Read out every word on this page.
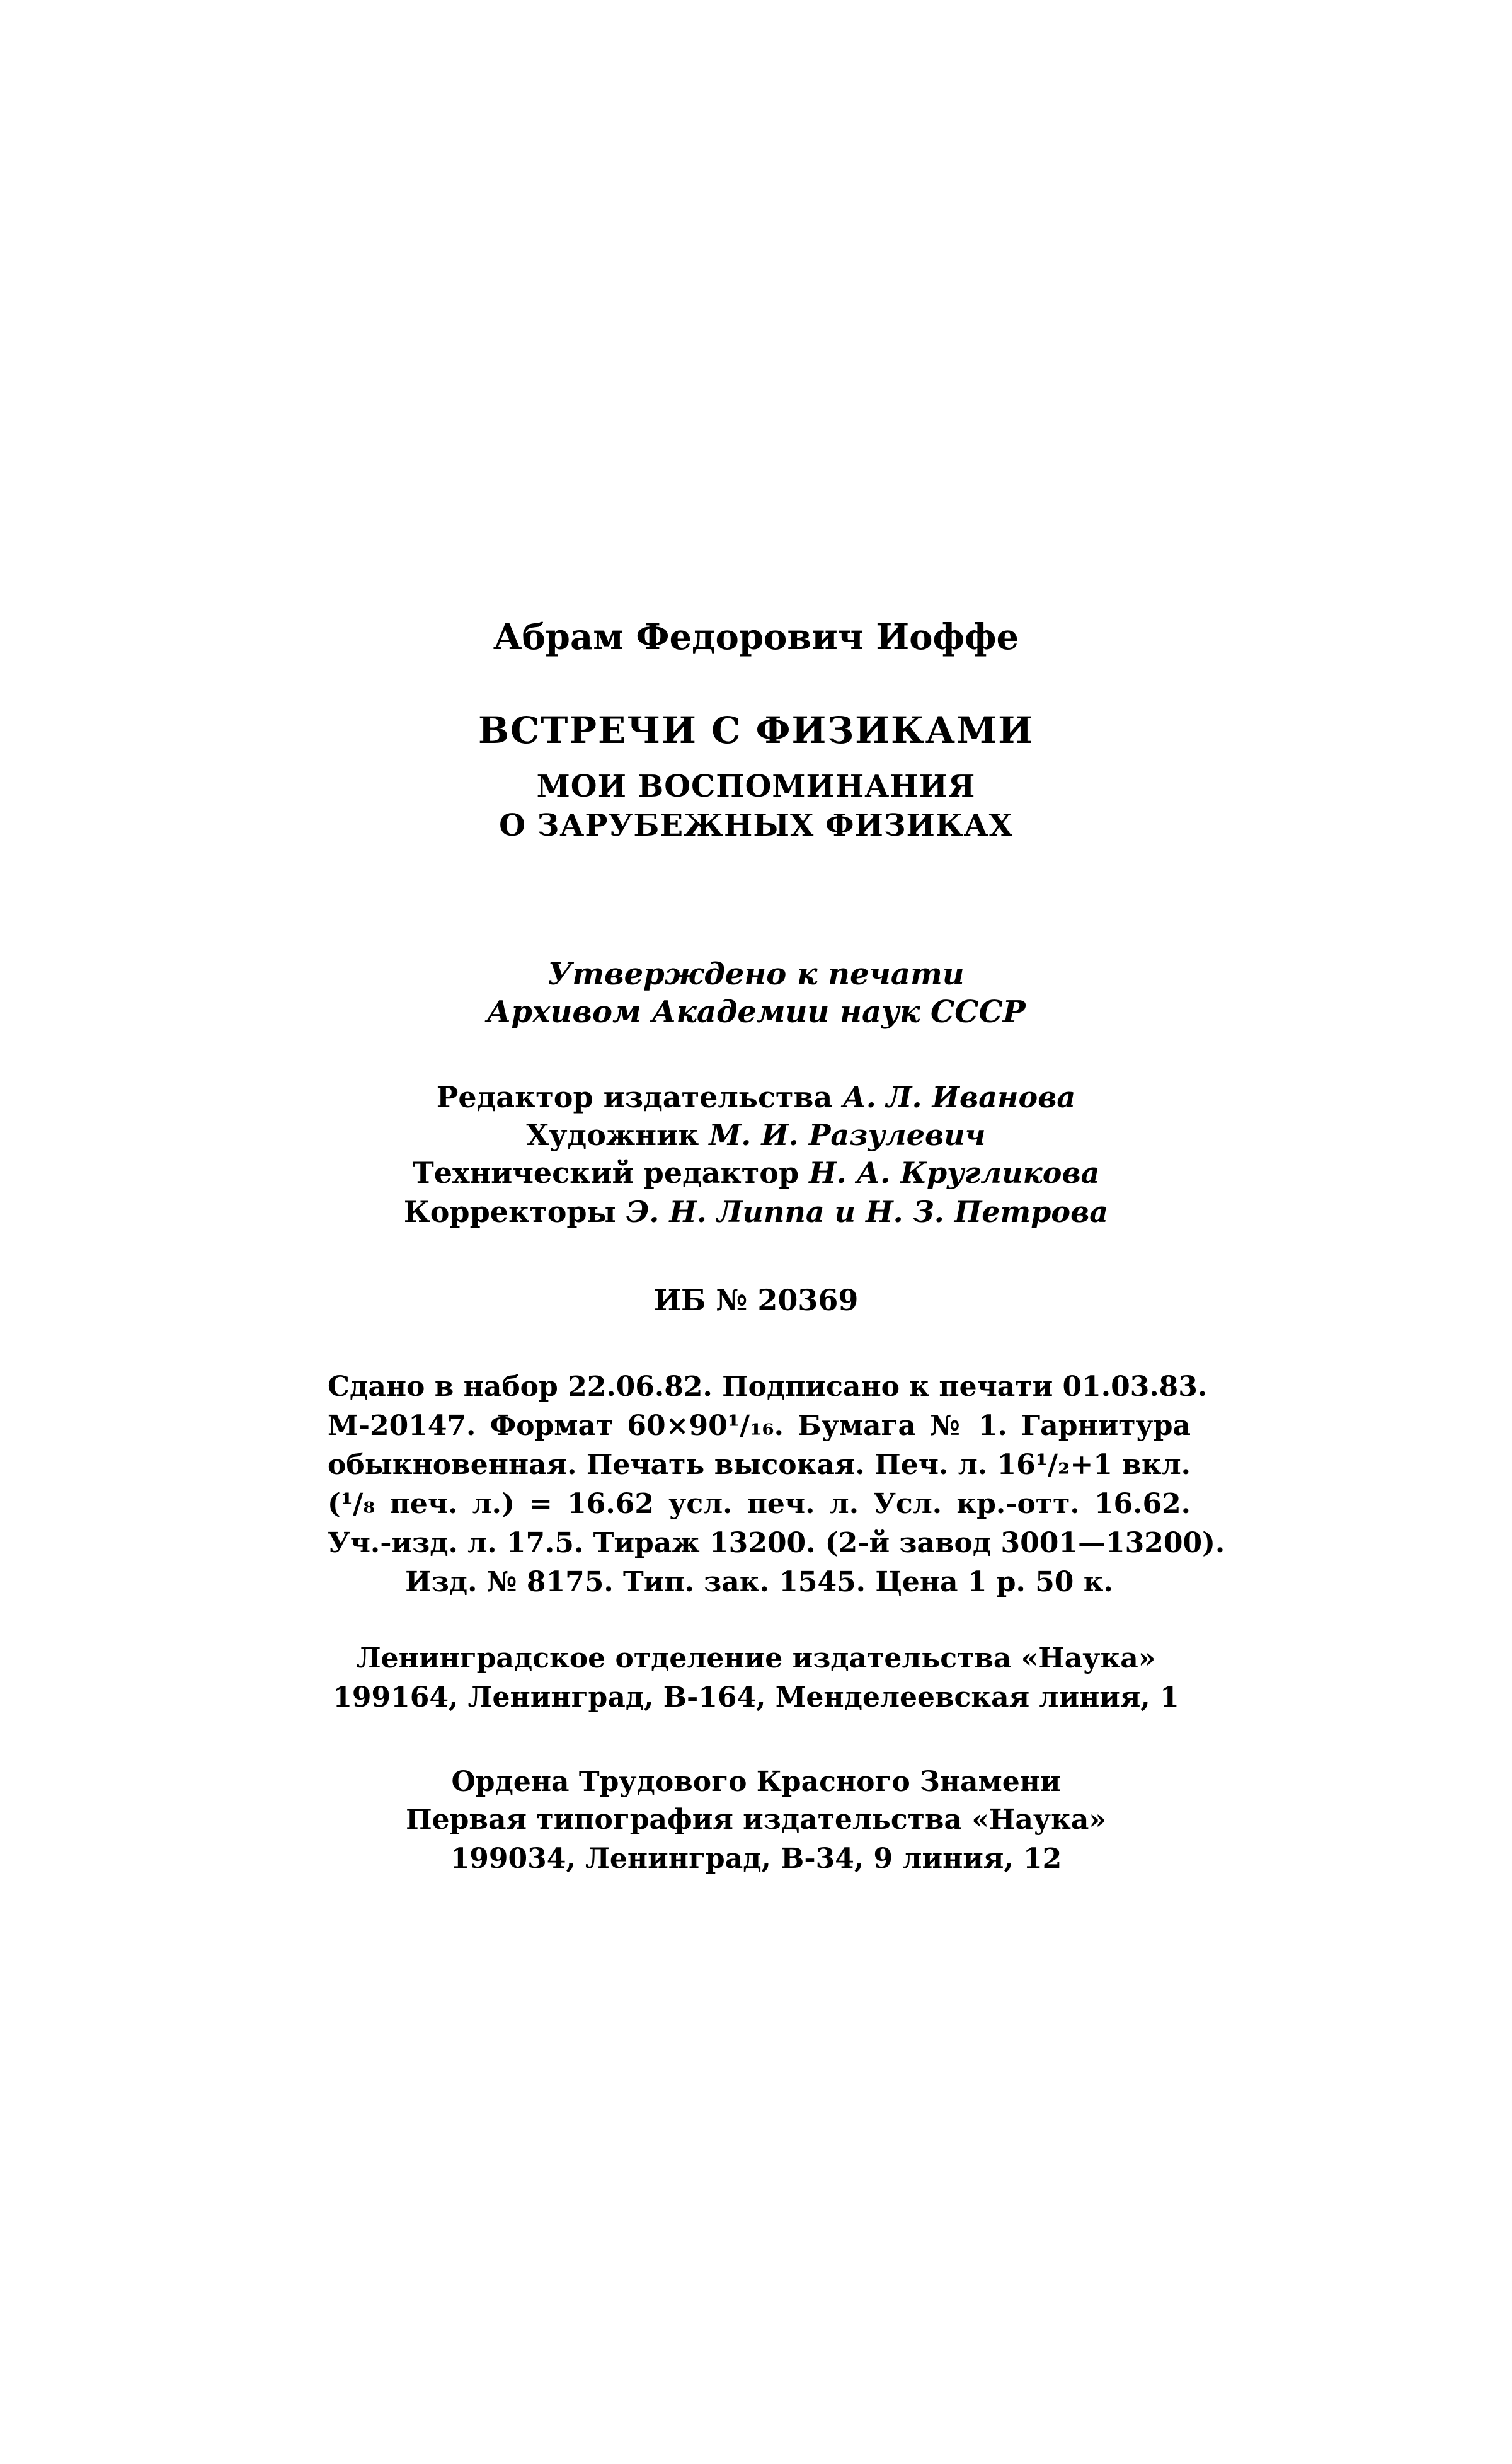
Абрам Федорович Иоффе
ВСТРЕЧИ С ФИЗИКАМИ
МОИ ВОСПОМИНАНИЯ
О ЗАРУБЕЖНЫХ ФИЗИКАХ
Утверждено к печати
Архивом Академии наук СССР
Редактор издательства А. Л. Иванова
Художник М. И. Разулевич
Технический редактор Н. А. Кругликова
Корректоры Э. Н. Липпа и Н. З. Петрова
ИБ № 20369
Сдано в набор 22.06.82. Подписано к печати 01.03.83.
М-20147. Формат 60×90¹/₁₆. Бумага № 1. Гарнитура
обыкновенная. Печать высокая. Печ. л. 16¹/₂+1 вкл.
(¹/₈ печ. л.) = 16.62 усл. печ. л. Усл. кр.-отт. 16.62.
Уч.-изд. л. 17.5. Тираж 13200. (2-й завод 3001—13200).
Изд. № 8175. Тип. зак. 1545. Цена 1 р. 50 к.
Ленинградское отделение издательства «Наука»
199164, Ленинград, В-164, Менделеевская линия, 1
Ордена Трудового Красного Знамени
Первая типография издательства «Наука»
199034, Ленинград, В-34, 9 линия, 12
